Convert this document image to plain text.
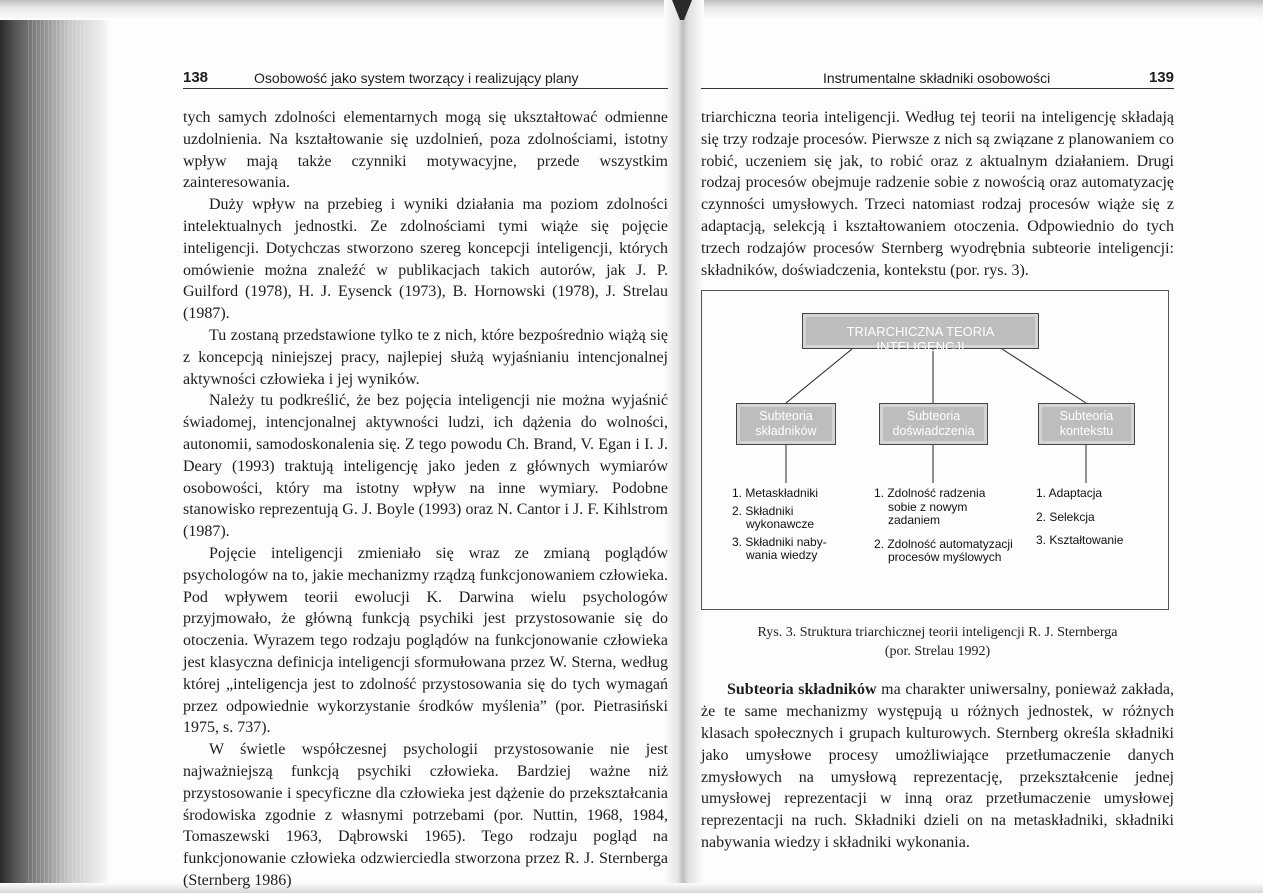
138	Osobowość jako system tworzący i realizujący plany

tych samych zdolności elementarnych mogą się ukształtować odmienne uzdolnienia. Na kształtowanie się uzdolnień, poza zdolnościami, istotny wpływ mają także czynniki motywacyjne, przede wszystkim zainteresowania.

Duży wpływ na przebieg i wyniki działania ma poziom zdolności intelektualnych jednostki. Ze zdolnościami tymi wiąże się pojęcie inteligencji. Dotychczas stworzono szereg koncepcji inteligencji, których omówienie można znaleźć w publikacjach takich autorów, jak J. P. Guilford (1978), H. J. Eysenck (1973), B. Hornowski (1978), J. Strelau (1987).

Tu zostaną przedstawione tylko te z nich, które bezpośrednio wiążą się z koncepcją niniejszej pracy, najlepiej służą wyjaśnianiu intencjonalnej aktywności człowieka i jej wyników.

Należy tu podkreślić, że bez pojęcia inteligencji nie można wyjaśnić świadomej, intencjonalnej aktywności ludzi, ich dążenia do wolności, autonomii, samodoskonalenia się. Z tego powodu Ch. Brand, V. Egan i I. J. Deary (1993) traktują inteligencję jako jeden z głównych wymiarów osobowości, który ma istotny wpływ na inne wymiary. Podobne stanowisko reprezentują G. J. Boyle (1993) oraz N. Cantor i J. F. Kihlstrom (1987).

Pojęcie inteligencji zmieniało się wraz ze zmianą poglądów psychologów na to, jakie mechanizmy rządzą funkcjonowaniem człowieka. Pod wpływem teorii ewolucji K. Darwina wielu psychologów przyjmowało, że główną funkcją psychiki jest przystosowanie się do otoczenia. Wyrazem tego rodzaju poglądów na funkcjonowanie człowieka jest klasyczna definicja inteligencji sformułowana przez W. Sterna, według której „inteligencja jest to zdolność przystosowania się do tych wymagań przez odpowiednie wykorzystanie środków myślenia” (por. Pietrasiński 1975, s. 737).

W świetle współczesnej psychologii przystosowanie nie jest najważniejszą funkcją psychiki człowieka. Bardziej ważne niż przystosowanie i specyficzne dla człowieka jest dążenie do przekształcania środowiska zgodnie z własnymi potrzebami (por. Nuttin, 1968, 1984, Tomaszewski 1963, Dąbrowski 1965). Tego rodzaju pogląd na funkcjonowanie człowieka odzwierciedla stworzona przez R. J. Sternberga (Sternberg 1986)

Instrumentalne składniki osobowości	139

triarchiczna teoria inteligencji. Według tej teorii na inteligencję składają się trzy rodzaje procesów. Pierwsze z nich są związane z planowaniem co robić, uczeniem się jak, to robić oraz z aktualnym działaniem. Drugi rodzaj procesów obejmuje radzenie sobie z nowością oraz automatyzację czynności umysłowych. Trzeci natomiast rodzaj procesów wiąże się z adaptacją, selekcją i kształtowaniem otoczenia. Odpowiednio do tych trzech rodzajów procesów Sternberg wyodrębnia subteorie inteligencji: składników, doświadczenia, kontekstu (por. rys. 3).

TRIARCHICZNA TEORIA INTELIGENCJI
Subteoria
składników
Subteoria
doświadczenia
Subteoria
kontekstu
1. Metaskładniki
2. Składniki
wykonawcze
3. Składniki naby-
wania wiedzy
1. Zdolność radzenia
sobie z nowym
zadaniem
2. Zdolność automatyzacji
procesów myślowych
1. Adaptacja
2. Selekcja
3. Kształtowanie
Rys. 3. Struktura triarchicznej teorii inteligencji R. J. Sternberga
(por. Strelau 1992)

Subteoria składników ma charakter uniwersalny, ponieważ zakłada, że te same mechanizmy występują u różnych jednostek, w różnych klasach społecznych i grupach kulturowych. Sternberg określa składniki jako umysłowe procesy umożliwiające przetłumaczenie danych zmysłowych na umysłową reprezentację, przekształcenie jednej umysłowej reprezentacji w inną oraz przetłumaczenie umysłowej reprezentacji na ruch. Składniki dzieli on na metaskładniki, składniki nabywania wiedzy i składniki wykonania.
